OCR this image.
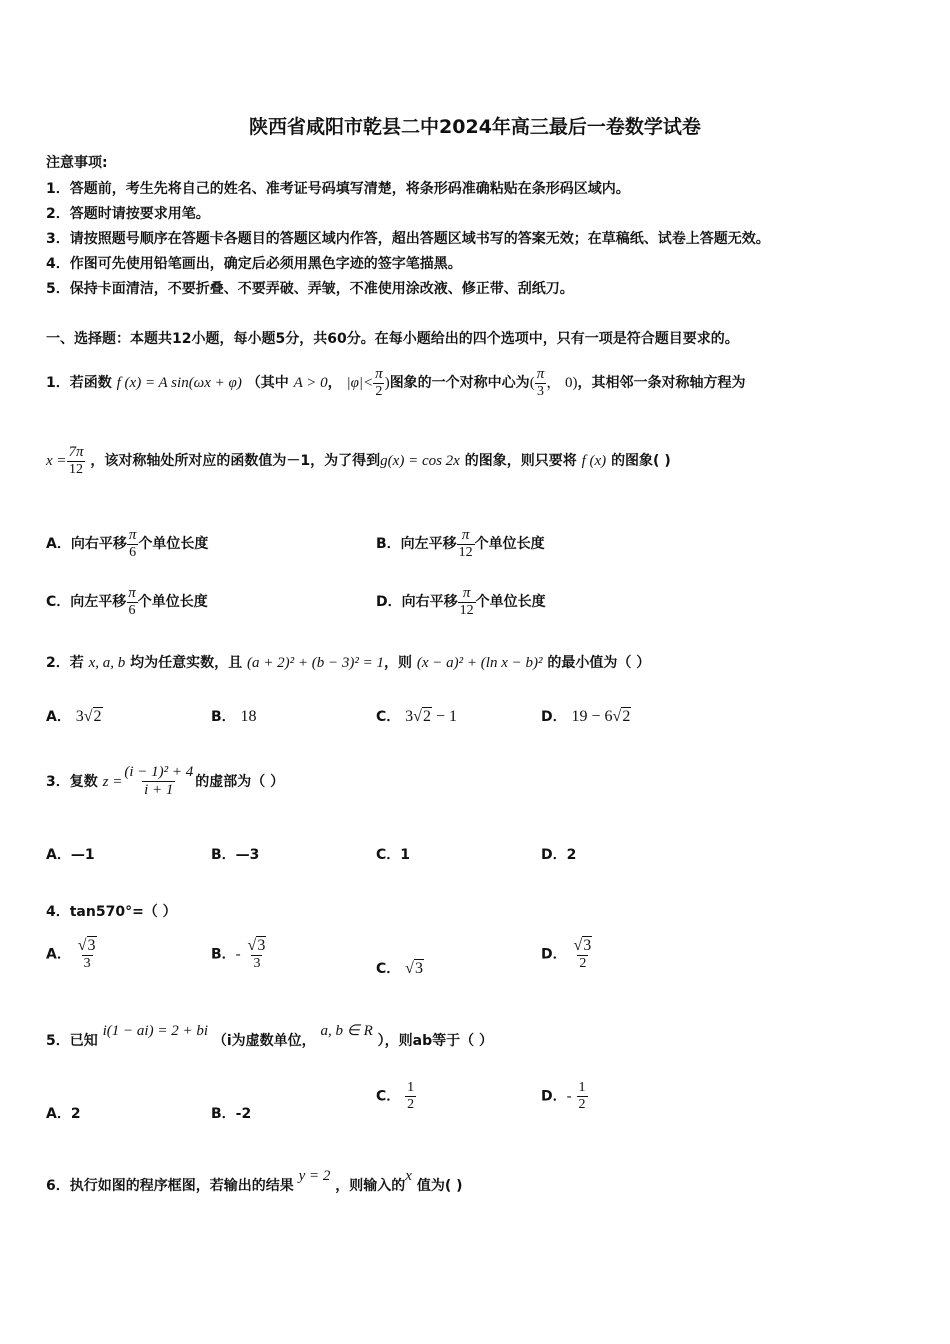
陕西省咸阳市乾县二中2024年高三最后一卷数学试卷
注意事项:
1．答题前，考生先将自己的姓名、准考证号码填写清楚，将条形码准确粘贴在条形码区域内。
2．答题时请按要求用笔。
3．请按照题号顺序在答题卡各题目的答题区域内作答，超出答题区域书写的答案无效；在草稿纸、试卷上答题无效。
4．作图可先使用铅笔画出，确定后必须用黑色字迹的签字笔描黑。
5．保持卡面清洁，不要折叠、不要弄破、弄皱，不准使用涂改液、修正带、刮纸刀。
一、选择题：本题共12小题，每小题5分，共60分。在每小题给出的四个选项中，只有一项是符合题目要求的。
1．若函数 f (x) = A sin(ωx + φ) （其中 A > 0， $|\varphi|< \frac{\pi}{2}$ )图象的一个对称中心为( $\frac{\pi}{3}$ ， 0)，其相邻一条对称轴方程为
$x = \frac{7\pi}{12}$ ，该对称轴处所对应的函数值为－1，为了得到g(x) = cos 2x 的图象，则只要将 f (x) 的图象( )
A．向右平移 $\frac{\pi}{6}$ 个单位长度	B．向左平移 $\frac{\pi}{12}$ 个单位长度
C．向左平移 $\frac{\pi}{6}$ 个单位长度	D．向右平移 $\frac{\pi}{12}$ 个单位长度
2．若 x, a, b 均为任意实数，且 (a + 2)² + (b − 3)² = 1，则 (x − a)² + (ln x − b)² 的最小值为（ ）
A． 3√2	B． 18	C． 3√2 − 1	D． 19 − 6√2
3．复数 $z = \frac{\text{(i − 1)² + 4}}{i + 1}$ 的虚部为（ ）
A．—1	B．—3	C．1	D．2
4．tan570°=（ ）
A． $\frac{√3}{3}$	B．- $\frac{√3}{3}$	C． √3
D． $\frac{√3}{2}$
5．已知 i(1 − ai) = 2 + bi （i为虚数单位， a, b ∈ R ），则ab等于（ ）
A．2	B．-2
C． $\frac{1}{2}$	D．- $\frac{1}{2}$
6．执行如图的程序框图，若输出的结果 y = 2 ，则输入的x 值为( )
